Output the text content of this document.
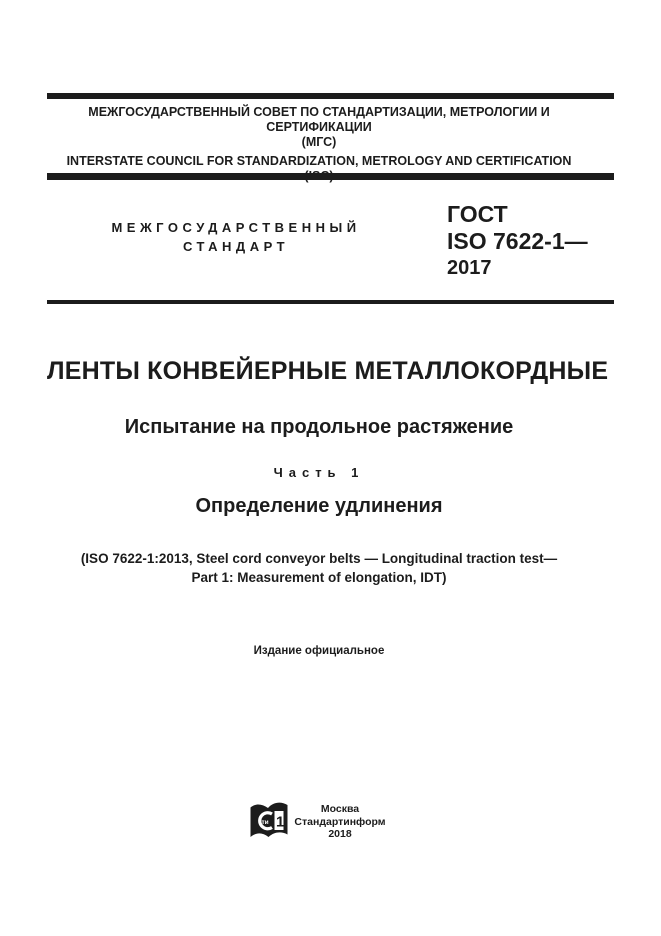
МЕЖГОСУДАРСТВЕННЫЙ СОВЕТ ПО СТАНДАРТИЗАЦИИ, МЕТРОЛОГИИ И СЕРТИФИКАЦИИ
(МГС)
INTERSTATE COUNCIL FOR STANDARDIZATION, METROLOGY AND CERTIFICATION
МЕЖГОСУДАРСТВЕННЫЙ
СТАНДАРТ
ГОСТ
ISO 7622-1—
2017
ЛЕНТЫ КОНВЕЙЕРНЫЕ МЕТАЛЛОКОРДНЫЕ
Испытание на продольное растяжение
Часть 1
Определение удлинения
(ISO 7622-1:2013, Steel cord conveyor belts — Longitudinal traction test—
Part 1: Measurement of elongation, IDT)
Издание официальное
ти 1
Москва
Стандартинформ
2018
